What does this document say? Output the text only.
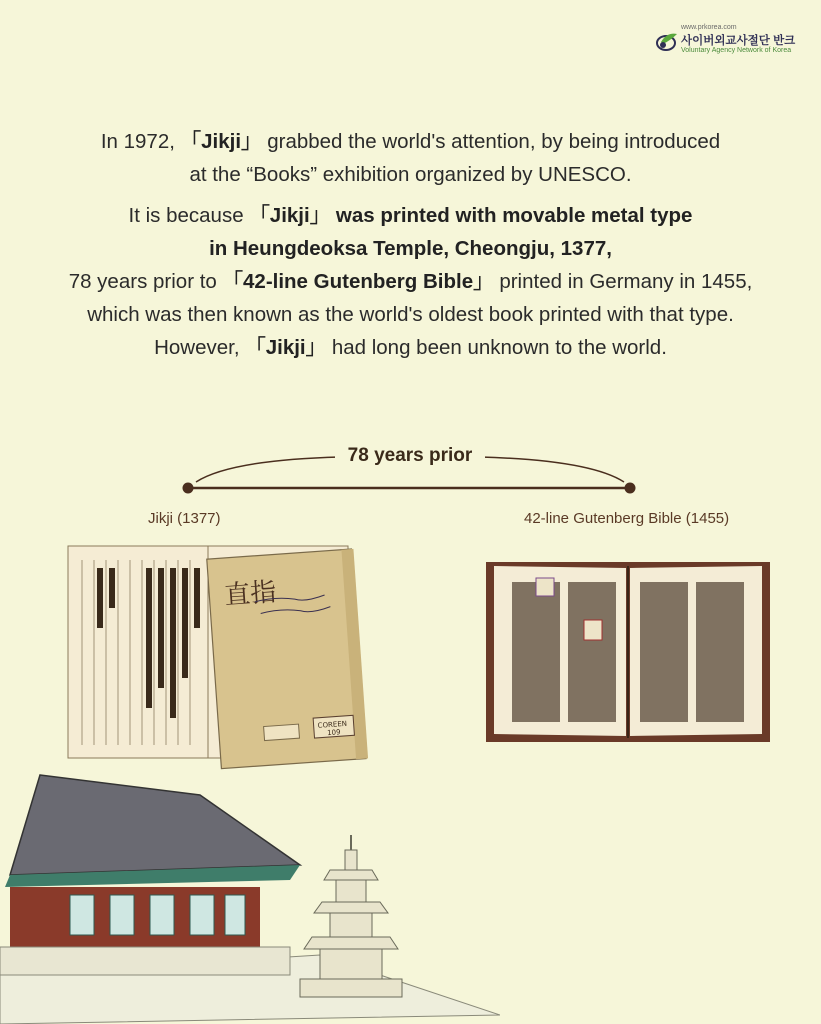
www.prkorea.com
사이버외교사절단 반크
Voluntary Agency Network of Korea

In 1972, 「Jikji」 grabbed the world's attention, by being introduced

at the “Books” exhibition organized by UNESCO.

It is because 「Jikji」 was printed with movable metal type

in Heungdeoksa Temple, Cheongju, 1377,

78 years prior to 「42-line Gutenberg Bible」 printed in Germany in 1455,

which was then known as the world's oldest book printed with that type.

However, 「Jikji」 had long been unknown to the world.

78 years prior
Jikji (1377)	42-line Gutenberg Bible (1455)
直指
COREEN
109
